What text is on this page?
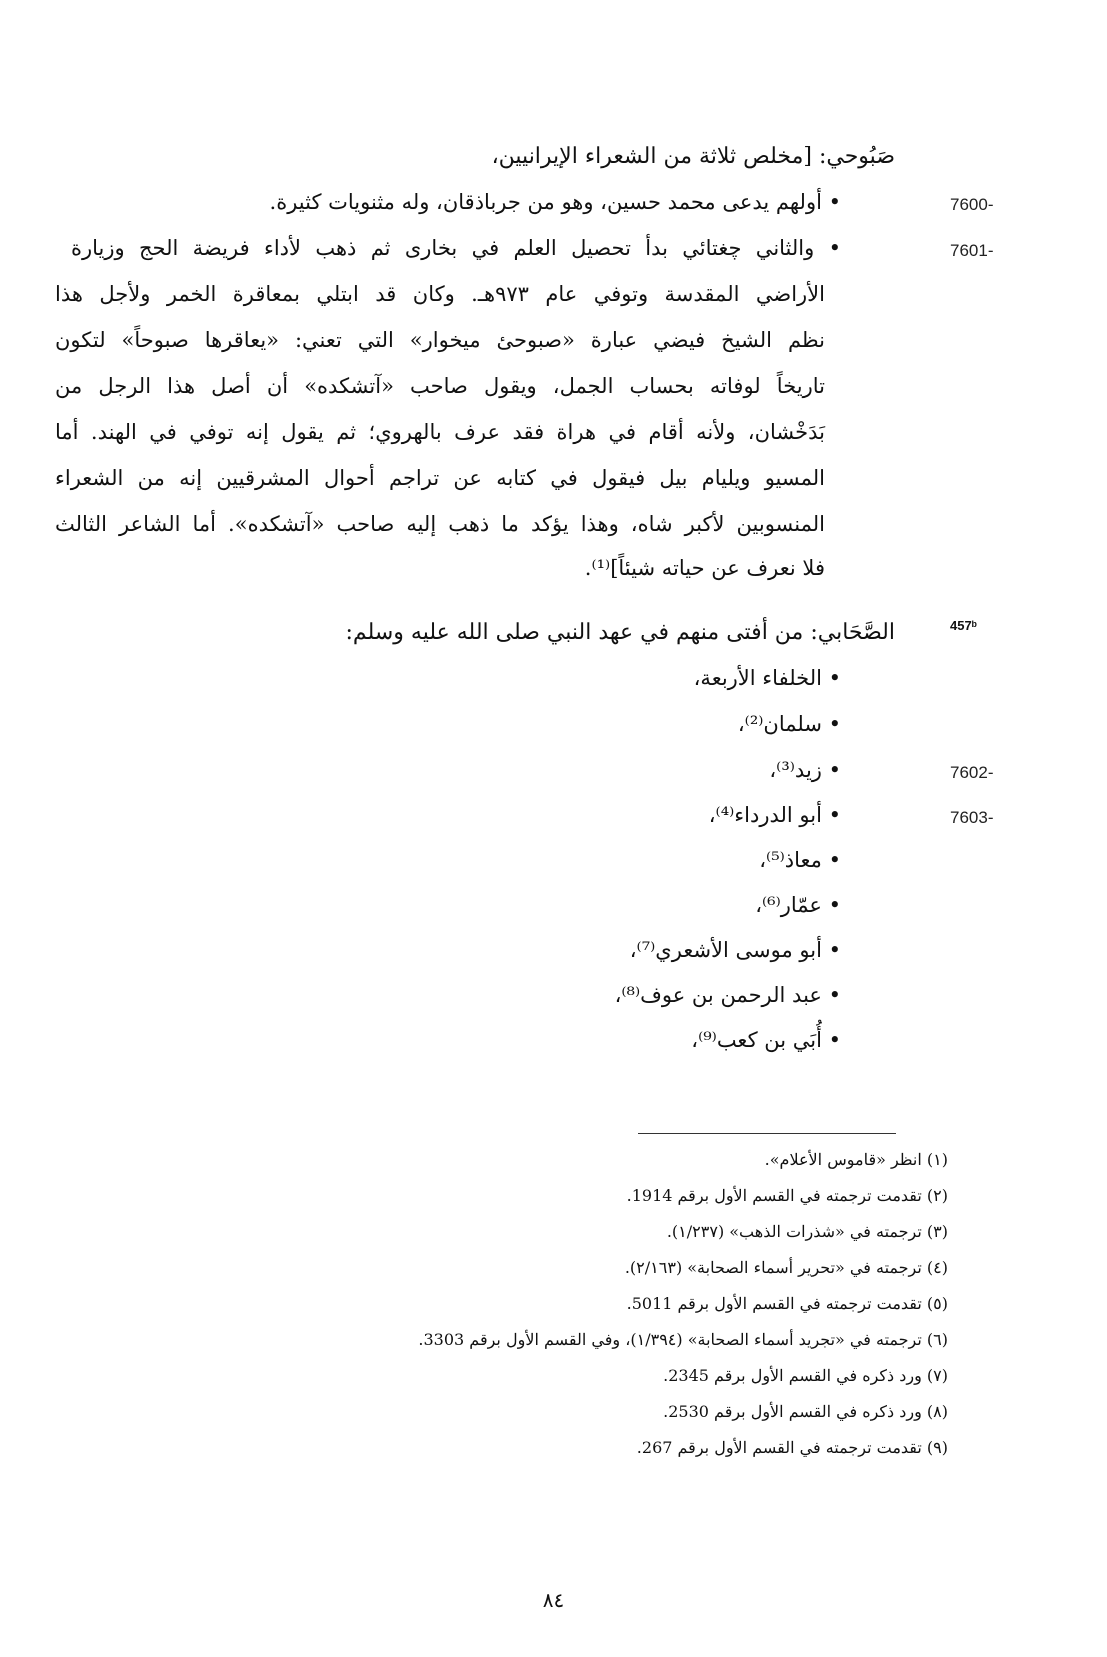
صَبُوحي: [مخلص ثلاثة من الشعراء الإيرانيين،
7600-
• أولهم يدعى محمد حسين، وهو من جرباذقان، وله مثنويات كثيرة.
7601-
• والثاني چغتائي بدأ تحصيل العلم في بخارى ثم ذهب لأداء فريضة الحج وزيارة
الأراضي المقدسة وتوفي عام ٩٧٣هـ. وكان قد ابتلي بمعاقرة الخمر ولأجل هذا
نظم الشيخ فيضي عبارة «صبوحئ ميخوار» التي تعني: «يعاقرها صبوحاً» لتكون
تاريخاً لوفاته بحساب الجمل، ويقول صاحب «آتشكده» أن أصل هذا الرجل من
بَدَخْشان، ولأنه أقام في هراة فقد عرف بالهروي؛ ثم يقول إنه توفي في الهند. أما
المسيو ويليام بيل فيقول في كتابه عن تراجم أحوال المشرقيين إنه من الشعراء
المنسوبين لأكبر شاه، وهذا يؤكد ما ذهب إليه صاحب «آتشكده». أما الشاعر الثالث
فلا نعرف عن حياته شيئاً]⁽¹⁾.
457ᵇ
الصَّحَابي: من أفتى منهم في عهد النبي صلى الله عليه وسلم:
• الخلفاء الأربعة،
• سلمان⁽²⁾،
7602-
• زيد⁽³⁾،
7603-
• أبو الدرداء⁽⁴⁾،
• معاذ⁽⁵⁾،
• عمّار⁽⁶⁾،
• أبو موسى الأشعري⁽⁷⁾،
• عبد الرحمن بن عوف⁽⁸⁾،
• أُبَي بن كعب⁽⁹⁾،
(١) انظر «قاموس الأعلام».
(٢) تقدمت ترجمته في القسم الأول برقم 1914.
(٣) ترجمته في «شذرات الذهب» (١/٢٣٧).
(٤) ترجمته في «تحرير أسماء الصحابة» (٢/١٦٣).
(٥) تقدمت ترجمته في القسم الأول برقم 5011.
(٦) ترجمته في «تجريد أسماء الصحابة» (١/٣٩٤)، وفي القسم الأول برقم 3303.
(٧) ورد ذكره في القسم الأول برقم 2345.
(٨) ورد ذكره في القسم الأول برقم 2530.
(٩) تقدمت ترجمته في القسم الأول برقم 267.
٨٤
